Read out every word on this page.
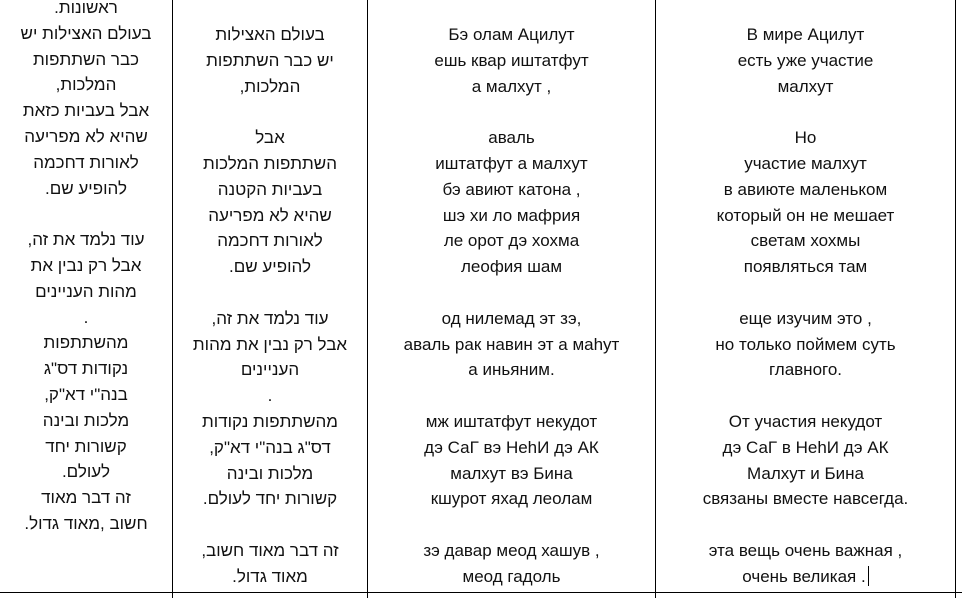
ראשונות.

בעולם האצילות יש

כבר השתתפות

המלכות,

אבל בעביות כזאת

שהיא לא מפריעה

לאורות דחכמה

להופיע שם.

עוד נלמד את זה,

אבל רק נבין את

מהות העניינים

.

מהשתתפות

נקודות דס"ג

בנה"י דא"ק,

מלכות ובינה

קשורות יחד

לעולם.

זה דבר מאוד

חשוב ,מאוד גדול.

בעולם האצילות

יש כבר השתתפות

המלכות,

אבל

השתתפות המלכות

בעביות הקטנה

שהיא לא מפריעה

לאורות דחכמה

להופיע שם.

עוד נלמד את זה,

אבל רק נבין את מהות

העניינים

.

מהשתתפות נקודות

דס"ג בנה"י דא"ק,

מלכות ובינה

קשורות יחד לעולם.

זה דבר מאוד חשוב,

מאוד גדול.

Бэ олам Ацилут

ешь квар иштатфут

а малхут ,

аваль

иштатфут а малхут

бэ авиют катона ,

шэ хи ло мафрия

ле орот дэ хохма

леофия шам

од нилемад эт зэ,

аваль рак навин эт а маhут

а иньяним.

мж иштатфут некудот

дэ СаГ вэ НеhИ дэ АК

малхут вэ Бина

кшурот яхад леолам

зэ давар меод хашув ,

меод гадоль

В мире Ацилут

есть уже участие

малхут

Но

участие малхут

в авиюте маленьком

который он не мешает

светам хохмы

появляться там

еще изучим это ,

но только поймем суть

главного.

От участия некудот

дэ СаГ в НеhИ дэ АК

Малхут и Бина

связаны вместе навсегда.

эта вещь очень важная ,

очень великая .
